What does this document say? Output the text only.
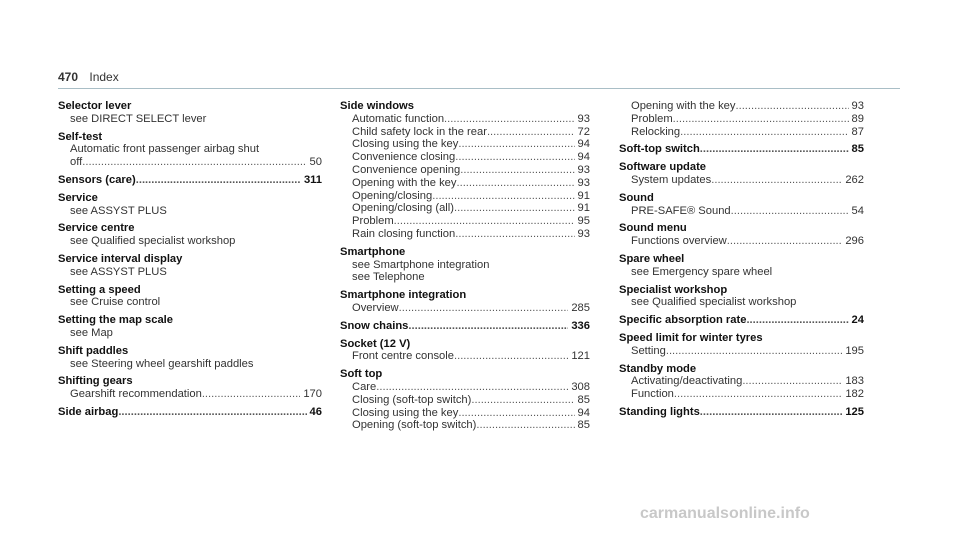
470 Index
Selector lever
see DIRECT SELECT lever
Self-test
Automatic front passenger airbag shut
off .....	50
Sensors (care) .....	311
Service
see ASSYST PLUS
Service centre
see Qualified specialist workshop
Service interval display
see ASSYST PLUS
Setting a speed
see Cruise control
Setting the map scale
see Map
Shift paddles
see Steering wheel gearshift paddles
Shifting gears
Gearshift recommendation .....	170
Side airbag .....	46
Side windows
Automatic function .....	93
Child safety lock in the rear .....	72
Closing using the key .....	94
Convenience closing .....	94
Convenience opening .....	93
Opening with the key .....	93
Opening/closing .....	91
Opening/closing (all) .....	91
Problem .....	95
Rain closing function .....	93
Smartphone
see Smartphone integration
see Telephone
Smartphone integration
Overview .....	285
Snow chains .....	336
Socket (12 V)
Front centre console .....	121
Soft top
Care .....	308
Closing (soft-top switch) .....	85
Closing using the key .....	94
Opening (soft-top switch) .....	85
Opening with the key .....	93
Problem .....	89
Relocking .....	87
Soft-top switch .....	85
Software update
System updates .....	262
Sound
PRE-SAFE® Sound .....	54
Sound menu
Functions overview .....	296
Spare wheel
see Emergency spare wheel
Specialist workshop
see Qualified specialist workshop
Specific absorption rate .....	24
Speed limit for winter tyres
Setting .....	195
Standby mode
Activating/deactivating .....	183
Function .....	182
Standing lights .....	125
carmanualsonline.info
